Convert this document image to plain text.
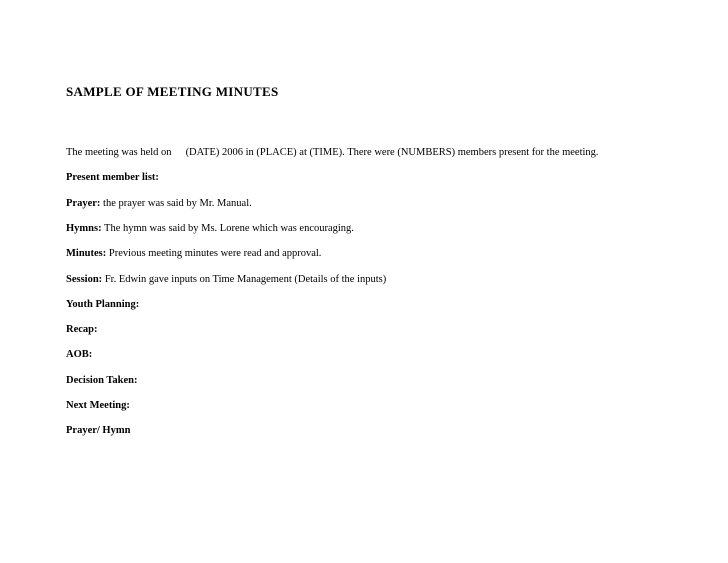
SAMPLE OF MEETING MINUTES
The meeting was held on (DATE) 2006 in (PLACE) at (TIME). There were (NUMBERS) members present for the meeting.
Present member list:
Prayer: the prayer was said by Mr. Manual.
Hymns: The hymn was said by Ms. Lorene which was encouraging.
Minutes: Previous meeting minutes were read and approval.
Session: Fr. Edwin gave inputs on Time Management (Details of the inputs)
Youth Planning:
Recap:
AOB:
Decision Taken:
Next Meeting:
Prayer/ Hymn
